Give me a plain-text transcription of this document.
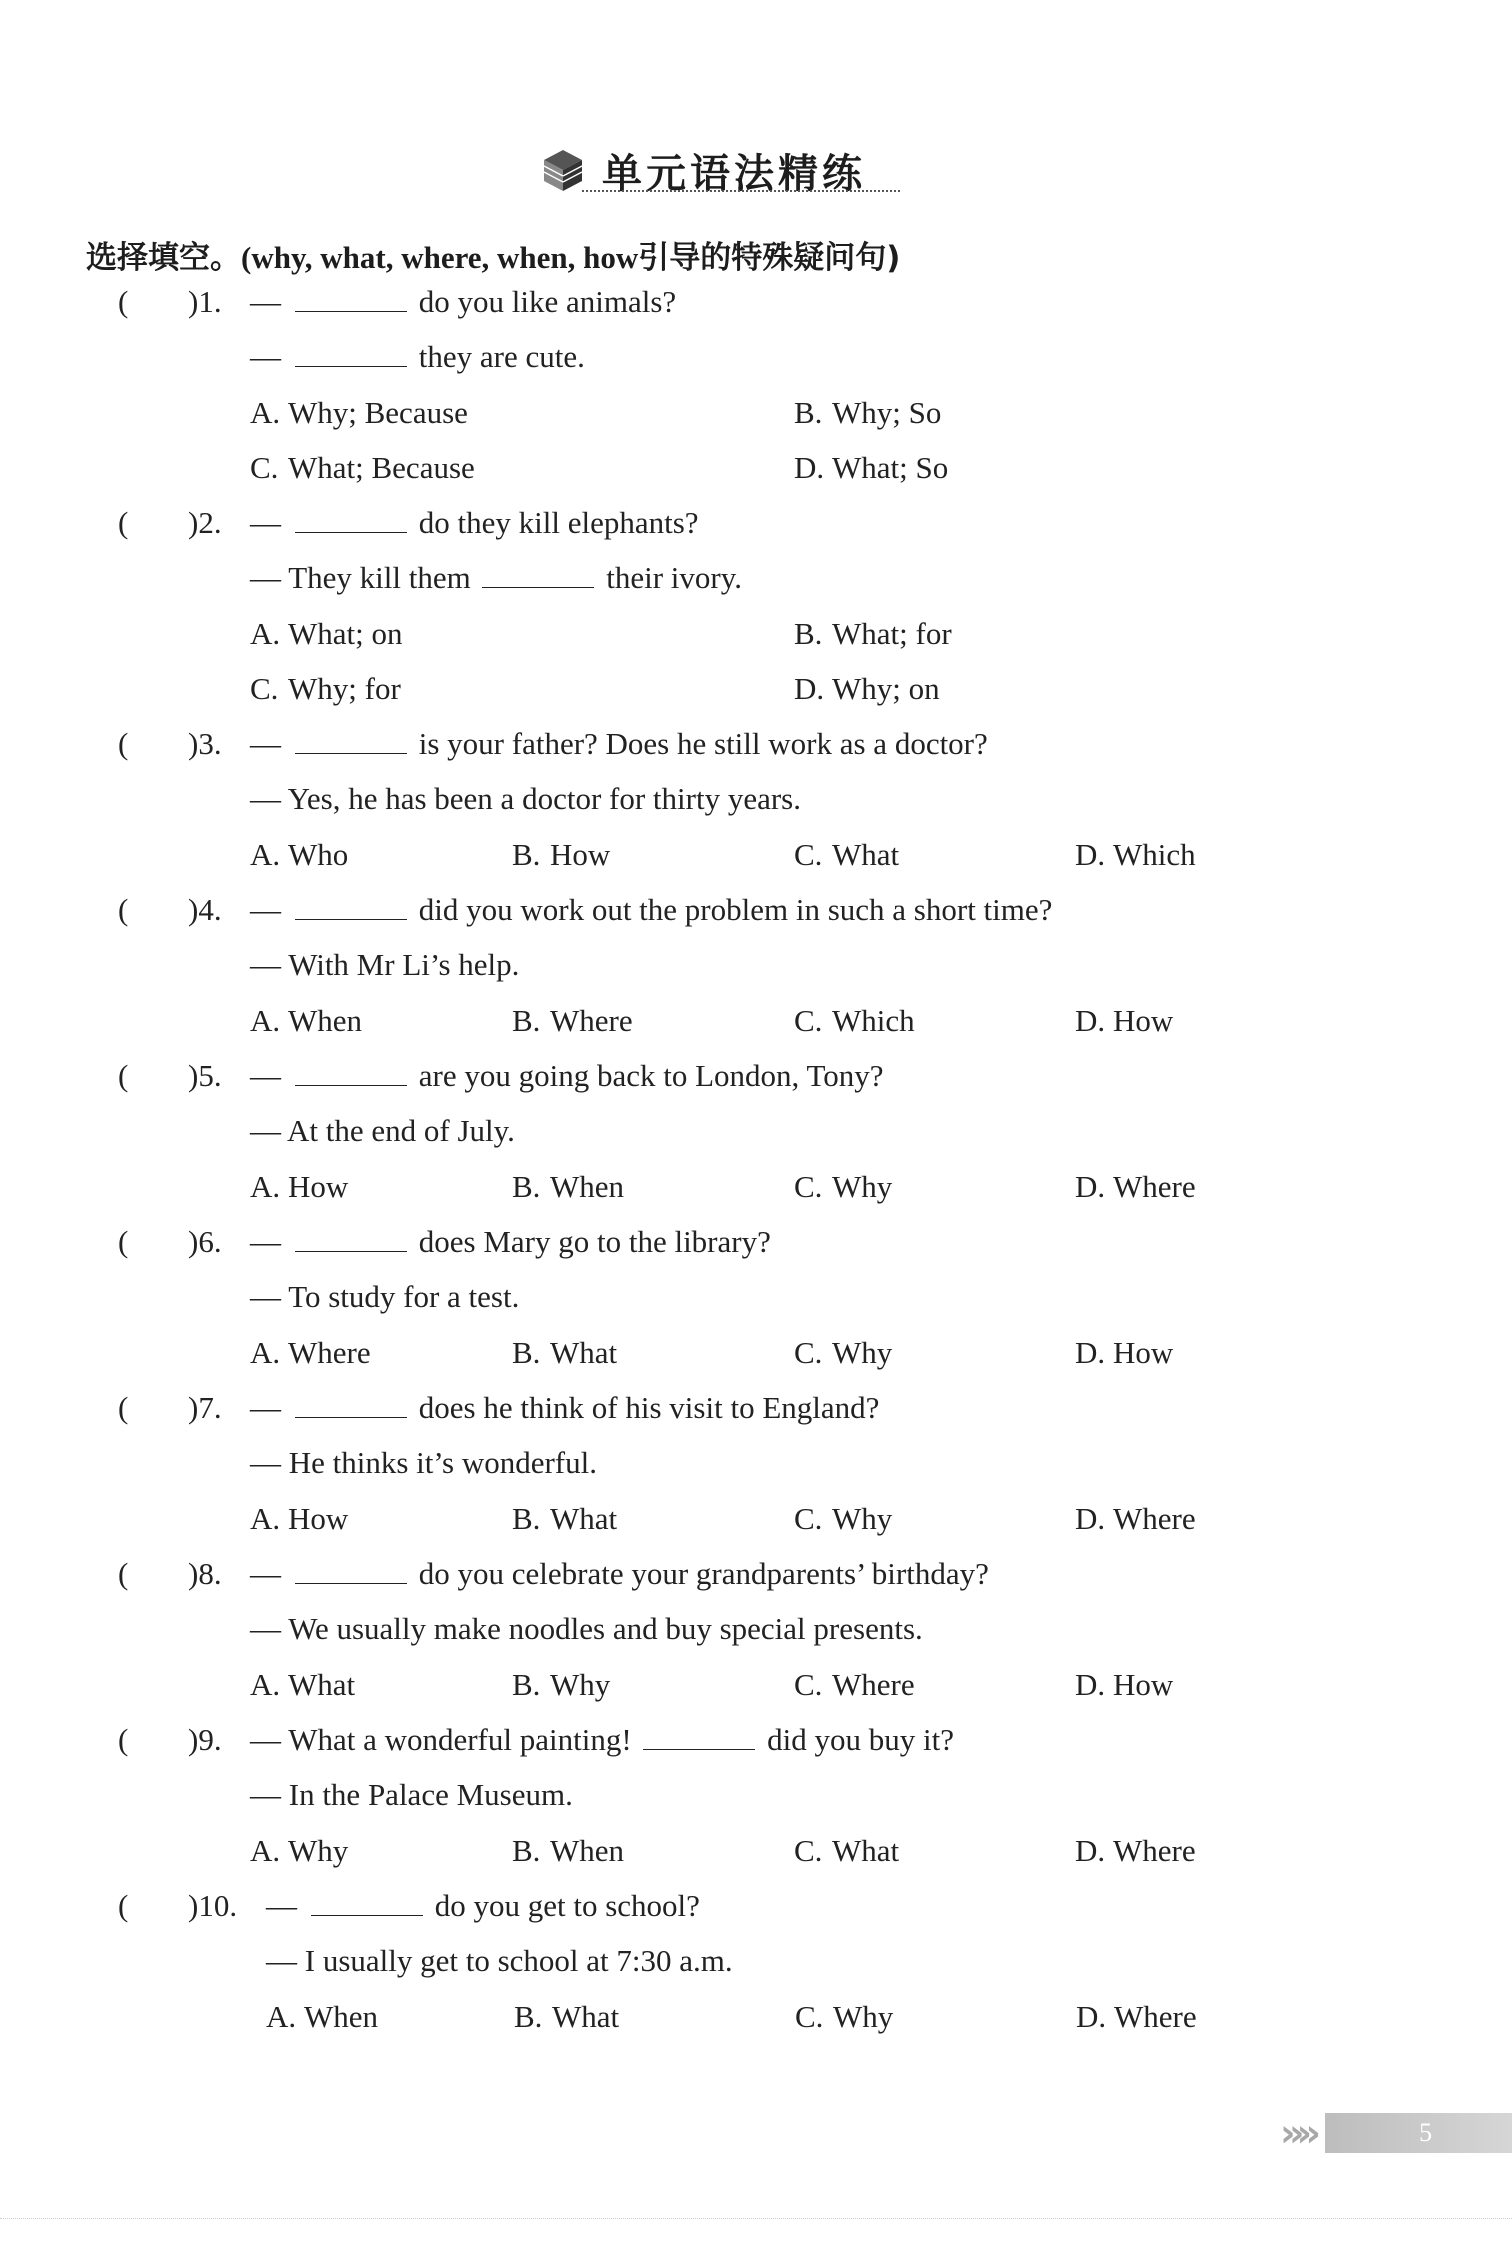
单元语法精练
选择填空。(why, what, where, when, how引导的特殊疑问句)
( )1. —	do you like animals?
—	they are cute.
A. Why; Because	B. Why; So
C. What; Because	D. What; So
( )2. —	do they kill elephants?
— They kill them	their ivory.
A. What; on	B. What; for
C. Why; for	D. Why; on
( )3. —	is your father? Does he still work as a doctor?
— Yes, he has been a doctor for thirty years.
A. Who	B. How	C. What	D. Which
( )4. —	did you work out the problem in such a short time?
— With Mr Li’s help.
A. When	B. Where	C. Which	D. How
( )5. —	are you going back to London, Tony?
— At the end of July.
A. How	B. When	C. Why	D. Where
( )6. —	does Mary go to the library?
— To study for a test.
A. Where	B. What	C. Why	D. How
( )7. —	does he think of his visit to England?
— He thinks it’s wonderful.
A. How	B. What	C. Why	D. Where
( )8. —	do you celebrate your grandparents’ birthday?
— We usually make noodles and buy special presents.
A. What	B. Why	C. Where	D. How
( )9. — What a wonderful painting!	did you buy it?
— In the Palace Museum.
A. Why	B. When	C. What	D. Where
( )10. —	do you get to school?
— I usually get to school at 7:30 a.m.
A. When	B. What	C. Why	D. Where
»»	5
